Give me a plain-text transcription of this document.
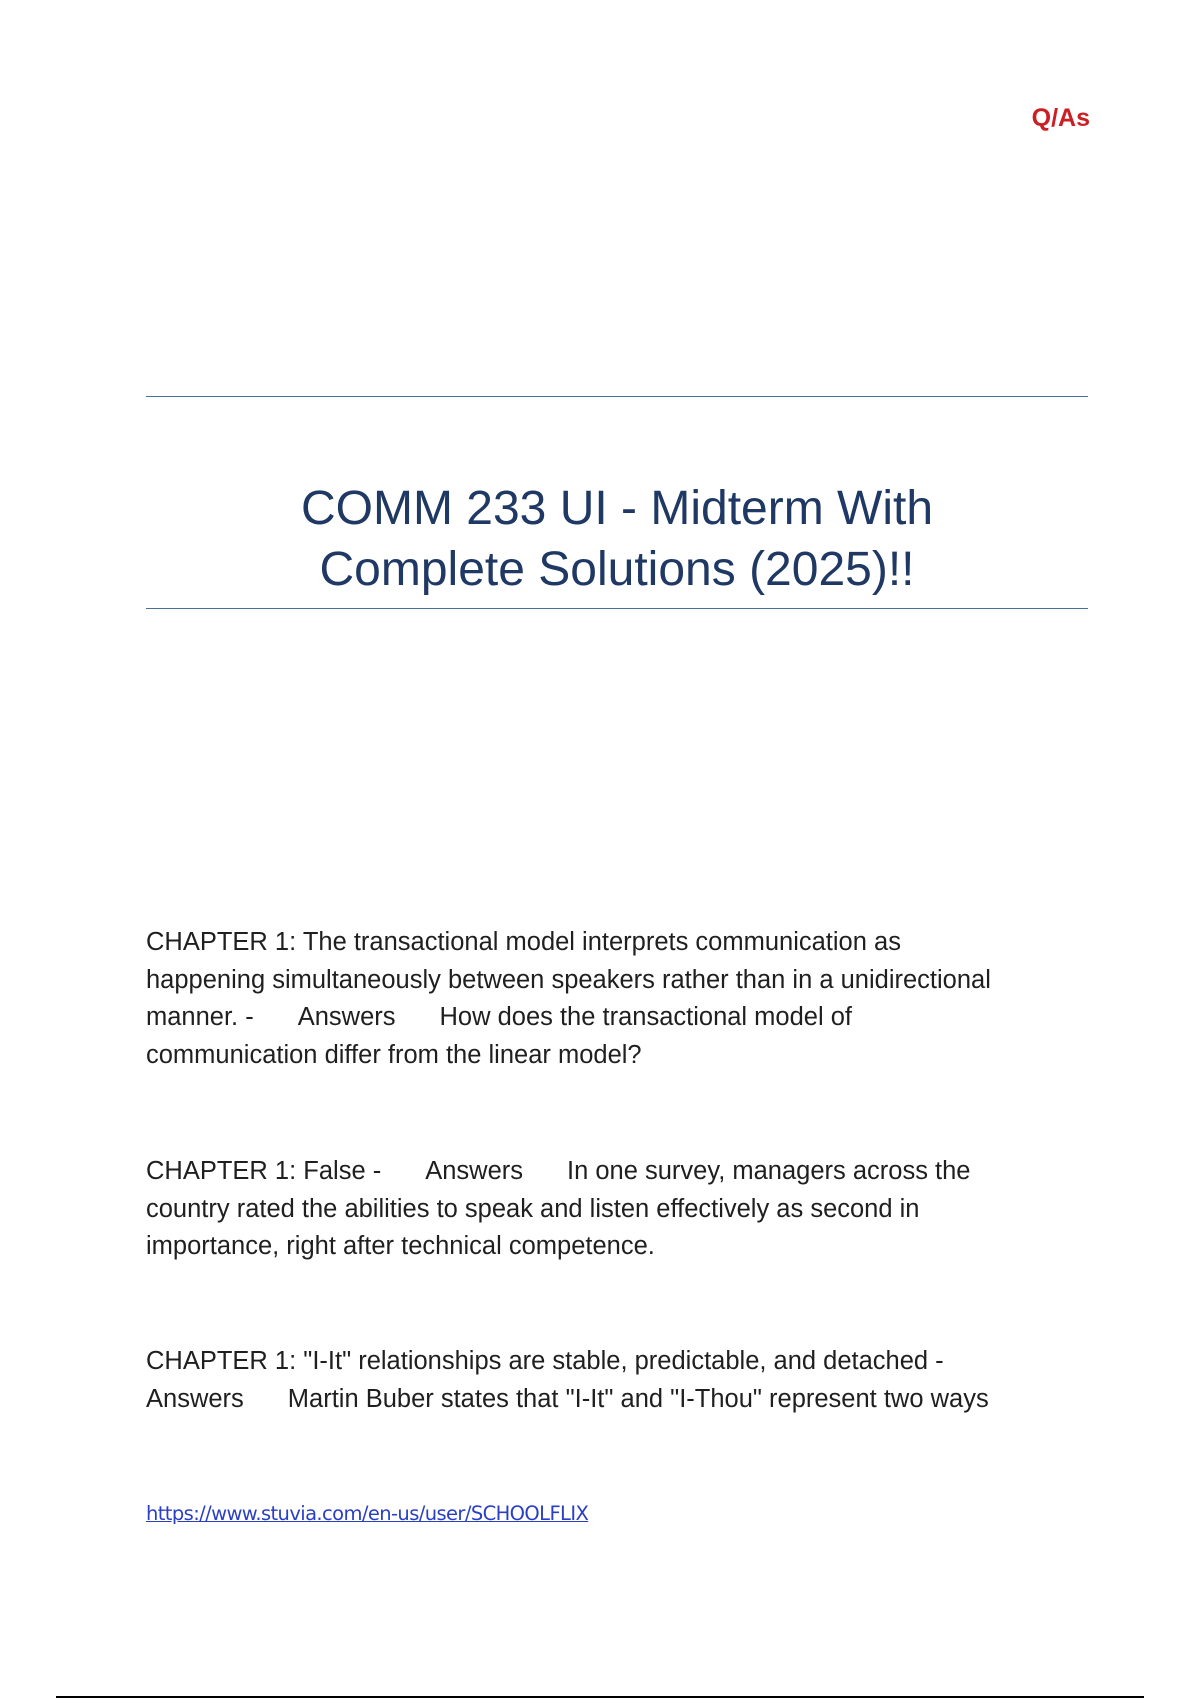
Q/As
COMM 233 UI - Midterm With
Complete Solutions (2025)!!
CHAPTER 1: The transactional model interprets communication as
happening simultaneously between speakers rather than in a unidirectional
manner. - Answers How does the transactional model of
communication differ from the linear model?
CHAPTER 1: False - Answers In one survey, managers across the
country rated the abilities to speak and listen effectively as second in
importance, right after technical competence.
CHAPTER 1: "I-It" relationships are stable, predictable, and detached -
Answers Martin Buber states that "I-It" and "I-Thou" represent two ways
https://www.stuvia.com/en-us/user/SCHOOLFLIX
